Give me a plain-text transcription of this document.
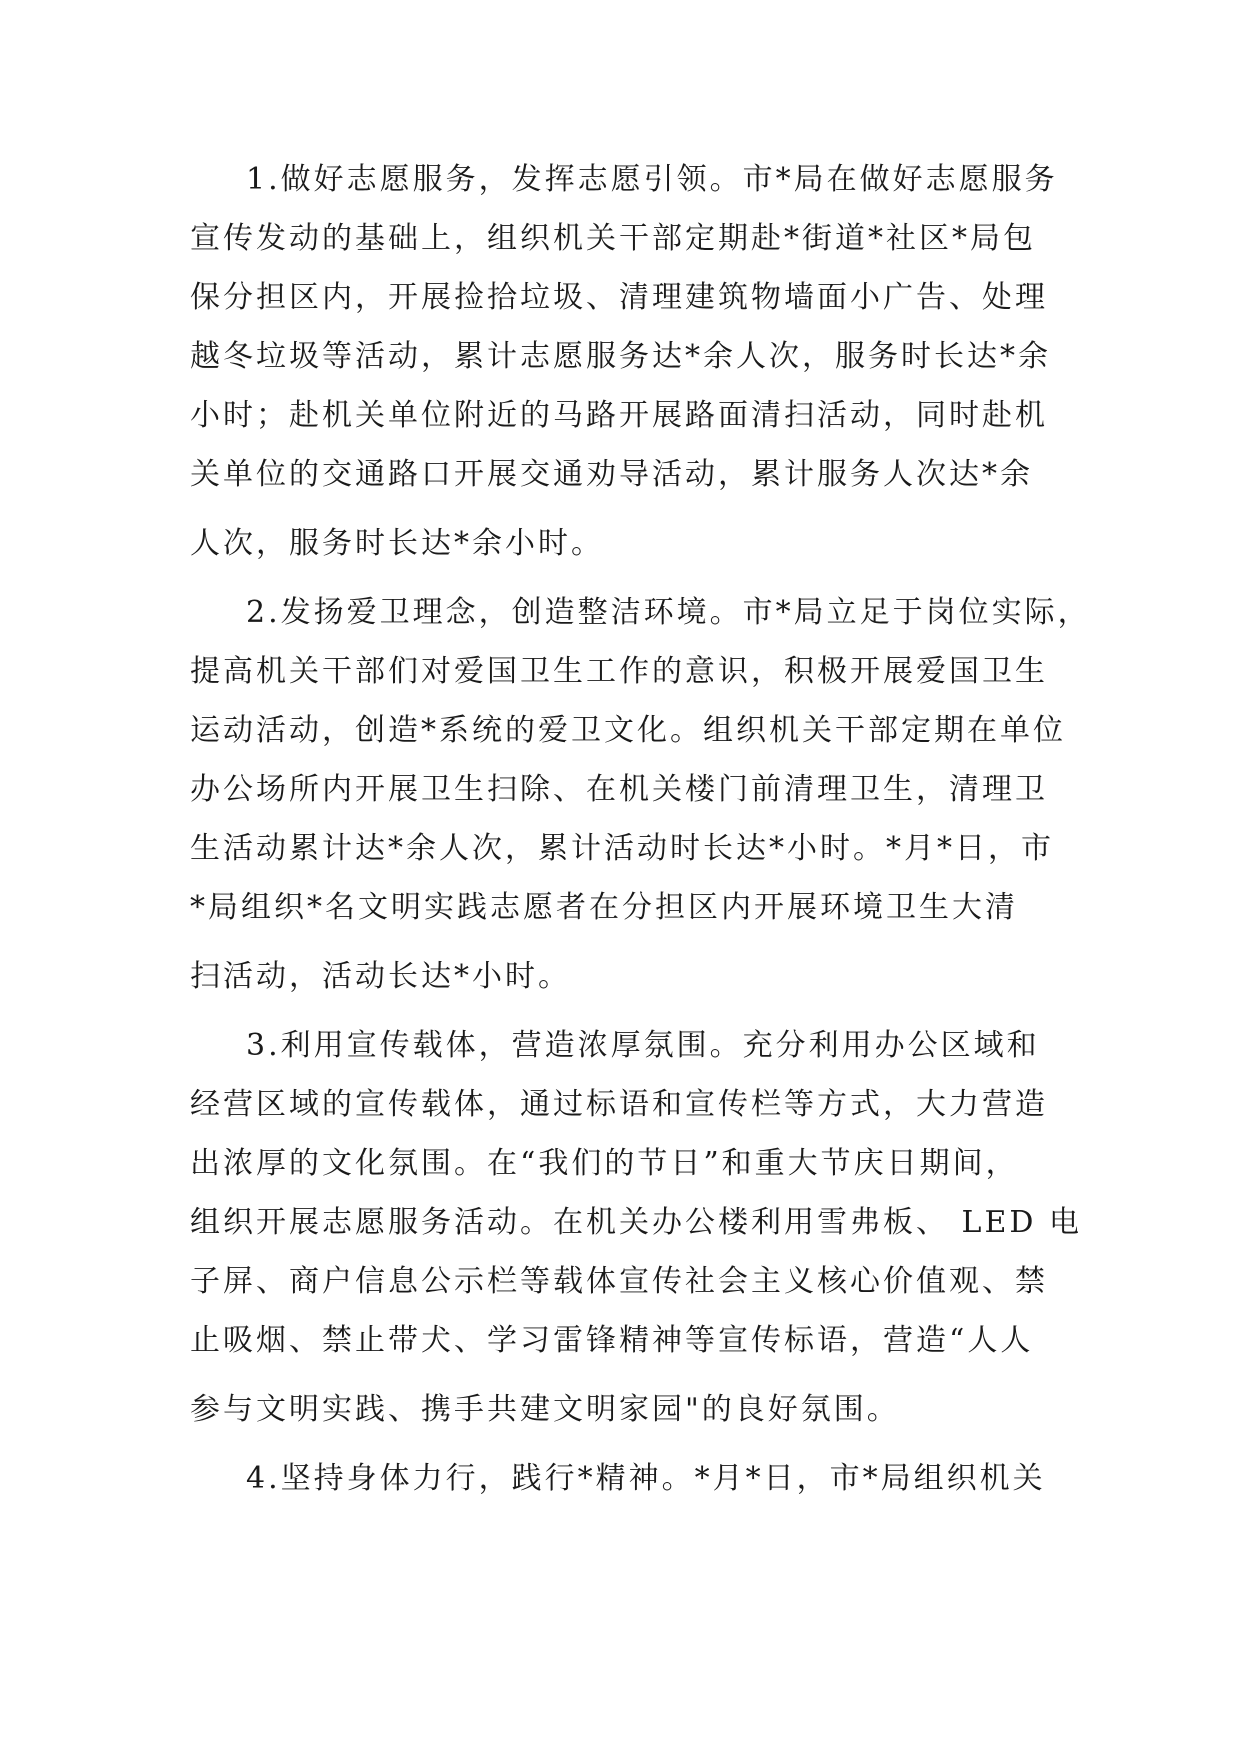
1.做好志愿服务，发挥志愿引领。市*局在做好志愿服务
宣传发动的基础上，组织机关干部定期赴*街道*社区*局包
保分担区内，开展捡拾垃圾、清理建筑物墙面小广告、处理
越冬垃圾等活动，累计志愿服务达*余人次，服务时长达*余
小时；赴机关单位附近的马路开展路面清扫活动，同时赴机
关单位的交通路口开展交通劝导活动，累计服务人次达*余
人次，服务时长达*余小时。
2.发扬爱卫理念，创造整洁环境。市*局立足于岗位实际，
提高机关干部们对爱国卫生工作的意识，积极开展爱国卫生
运动活动，创造*系统的爱卫文化。组织机关干部定期在单位
办公场所内开展卫生扫除、在机关楼门前清理卫生，清理卫
生活动累计达*余人次，累计活动时长达*小时。*月*日，市
*局组织*名文明实践志愿者在分担区内开展环境卫生大清
扫活动，活动长达*小时。
3.利用宣传载体，营造浓厚氛围。充分利用办公区域和
经营区域的宣传载体，通过标语和宣传栏等方式，大力营造
出浓厚的文化氛围。在“我们的节日”和重大节庆日期间，
组织开展志愿服务活动。在机关办公楼利用雪弗板、 LED 电
子屏、商户信息公示栏等载体宣传社会主义核心价值观、禁
止吸烟、禁止带犬、学习雷锋精神等宣传标语，营造“人人
参与文明实践、携手共建文明家园"的良好氛围。
4.坚持身体力行，践行*精神。*月*日，市*局组织机关
